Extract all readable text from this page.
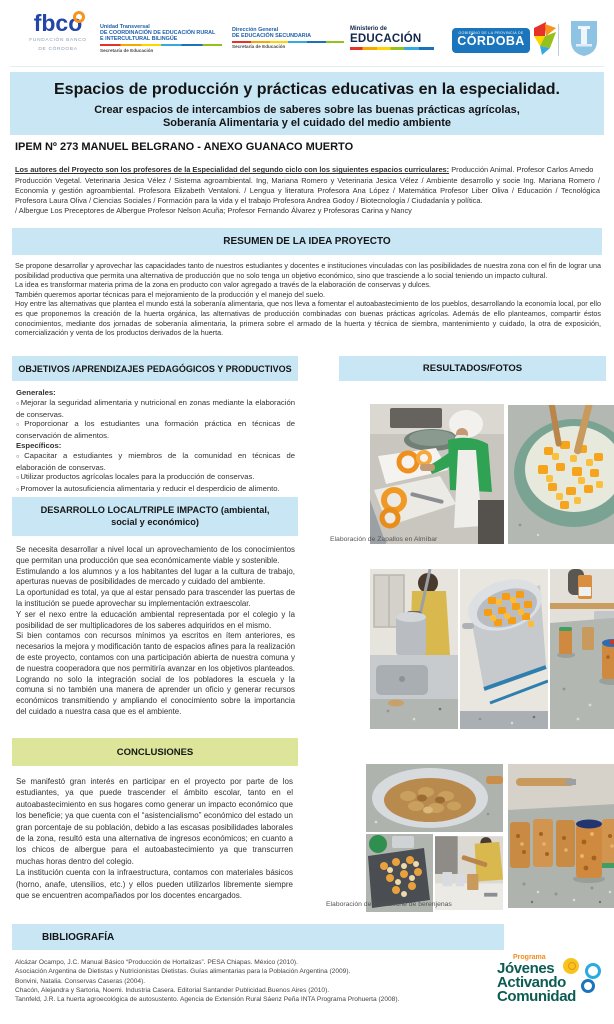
fbco
FUNDACIÓN BANCO
DE CÓRDOBA
Unidad Transversal
DE COORDINACIÓN DE EDUCACIÓN RURAL
E INTERCULTURAL BILINGÜE
Secretaría de Educación
Dirección General
DE EDUCACIÓN SECUNDARIA
Secretaría de Educación
Ministerio de
EDUCACIÓN	GOBIERNO DE LA PROVINCIA DE
CÓRDOBA
Espacios de producción y prácticas educativas en la especialidad.
Crear espacios de intercambios de saberes sobre las buenas prácticas agrícolas,
Soberanía Alimentaria y el cuidado del medio ambiente
IPEM Nº 273 MANUEL BELGRANO - ANEXO GUANACO MUERTO

Los autores del Proyecto son los profesores de la Especialidad del segundo ciclo con los siguientes espacios curriculares: Producción Animal. Profesor Carlos Arnedo
Producción Vegetal. Veterinaria Jesica Vélez / Sistema agroambiental. Ing, Mariana Romero y Veterinaria Jesica Vélez / Ambiente desarrollo y socie Ing. Mariana Romero / Economía y gestión agroambiental. Profesora Elizabeth Ventaloni. / Lengua y literatura Profesora Ana López / Matemática Profesor Liber Oliva / Educación / Tecnológica Profesora Laura Oliva / Ciencias Sociales / Formación para la vida y el trabajo Profesora Andrea Godoy / Biotecnología / Ciudadanía y política.
/ Albergue Los Preceptores de Albergue Profesor Nelson Acuña; Profesor Fernando Álvarez y Profesoras Carina y Nancy

RESUMEN DE LA IDEA PROYECTO

Se propone desarrollar y aprovechar las capacidades tanto de nuestros estudiantes y docentes e instituciones vinculadas con las posibilidades de nuestra zona con el fin de lograr una posibilidad productiva que permita una alternativa de producción que no solo tenga un objetivo económico, sino que trasciende a lo social teniendo un impacto cultural.

La idea es transformar materia prima de la zona en producto con valor agregado a través de la elaboración de conservas y dulces.

También queremos aportar técnicas para el mejoramiento de la producción y el manejo del suelo.

Hoy entre las alternativas que plantea el mundo está la soberanía alimentaria, que nos lleva a fomentar el autoabastecimiento de los pueblos, desarrollando la economía local, por ello es que proponemos la creación de la huerta orgánica, las alternativas de producción combinadas con buenas prácticas agrícolas. Además de ello planteamos, compartir éstos conocimientos, mediante dos jornadas de soberanía alimentaria, la primera sobre el armado de la huerta y técnica de siembra, mantenimiento y cuidado, la otra de exposición, comercialización y venta de los productos derivados de la huerta.

OBJETIVOS /APRENDIZAJES PEDAGÓGICOS Y PRODUCTIVOS
Generales:
○ Mejorar la seguridad alimentaria y nutricional en zonas mediante la elaboración de conservas.
○ Proporcionar a los estudiantes una formación práctica en técnicas de conservación de alimentos.
Específicos:
○ Capacitar a estudiantes y miembros de la comunidad en técnicas de elaboración de conservas.
○ Utilizar productos agrícolas locales para la producción de conservas.
○ Promover la autosuficiencia alimentaria y reducir el desperdicio de alimento.
DESARROLLO LOCAL/TRIPLE IMPACTO (ambiental, social y económico)

Se necesita desarrollar a nivel local un aprovechamiento de los conocimientos que permitan una producción que sea económicamente viable y sostenible.

Estimulando a los alumnos y a los habitantes del lugar a la cultura de trabajo, aperturas nuevas de posibilidades de mercado y cuidado del ambiente.

La oportunidad es total, ya que al estar pensado para trascender las puertas de la institución se puede aprovechar su implementación extraescolar.

Y ser el nexo entre la educación ambiental representada por el colegio y la posibilidad de ser multiplicadores de los saberes adquiridos en el mismo.

Si bien contamos con recursos mínimos ya escritos en ítem anteriores, es necesarios la mejora y modificación tanto de espacios afines para la realización de este proyecto, contamos con una participación abierta de nuestra comuna y de nuestra cooperadora que nos permitiría avanzar en los objetivos planteados. Logrando no solo la integración social de los pobladores la escuela y la comuna si no también una manera de aprender un oficio y generar recursos económicos transmitiendo y ampliando el conocimiento sobre la importancia del cuidado a nuestra casa que es el ambiente.

CONCLUSIONES

Se manifestó gran interés en participar en el proyecto por parte de los estudiantes, ya que puede trascender el ámbito escolar, tanto en el autoabastecimiento en sus hogares como generar un impacto económico que los beneficie; ya que cuenta con el “asistencialismo” económico del estado un gran porcentaje de su población, debido a las escasas posibilidades laborales de la zona, resultó esta una alternativa de ingresos económicos; en cuanto a los chicos de albergue para el autoabastecimiento ya que transcurren muchas horas dentro del colegio.

La institución cuenta con la infraestructura, contamos con materiales básicos (horno, anafe, utensilios, etc.) y ellos pueden utilizarlos libremente siempre que se encuentren acompañados por los docentes encargados.

RESULTADOS/FOTOS
Elaboración de Zapallos en Almíbar
Elaboración de Escabeche de berenjenas
BIBLIOGRAFÍA
Alcázar Ocampo, J.C. Manual Básico “Producción de Hortalizas”. PESA Chiapas. México (2010).
Asociación Argentina de Dietistas y Nutricionistas Dietistas. Guías alimentarias para la Población Argentina (2009).
Bonvini, Natalia. Conservas Caseras (2004).
Chacón, Alejandra y Sartoria, Noemi. Industria Casera. Editorial Santander Publicidad.Buenos Aires (2010).
Tannfeld, J.R. La huerta agroecológica de autosustento. Agencia de Extensión Rural Sáenz Peña INTA Programa Prohuerta (2008).
Programa
Jóvenes
Activando
Comunidad
